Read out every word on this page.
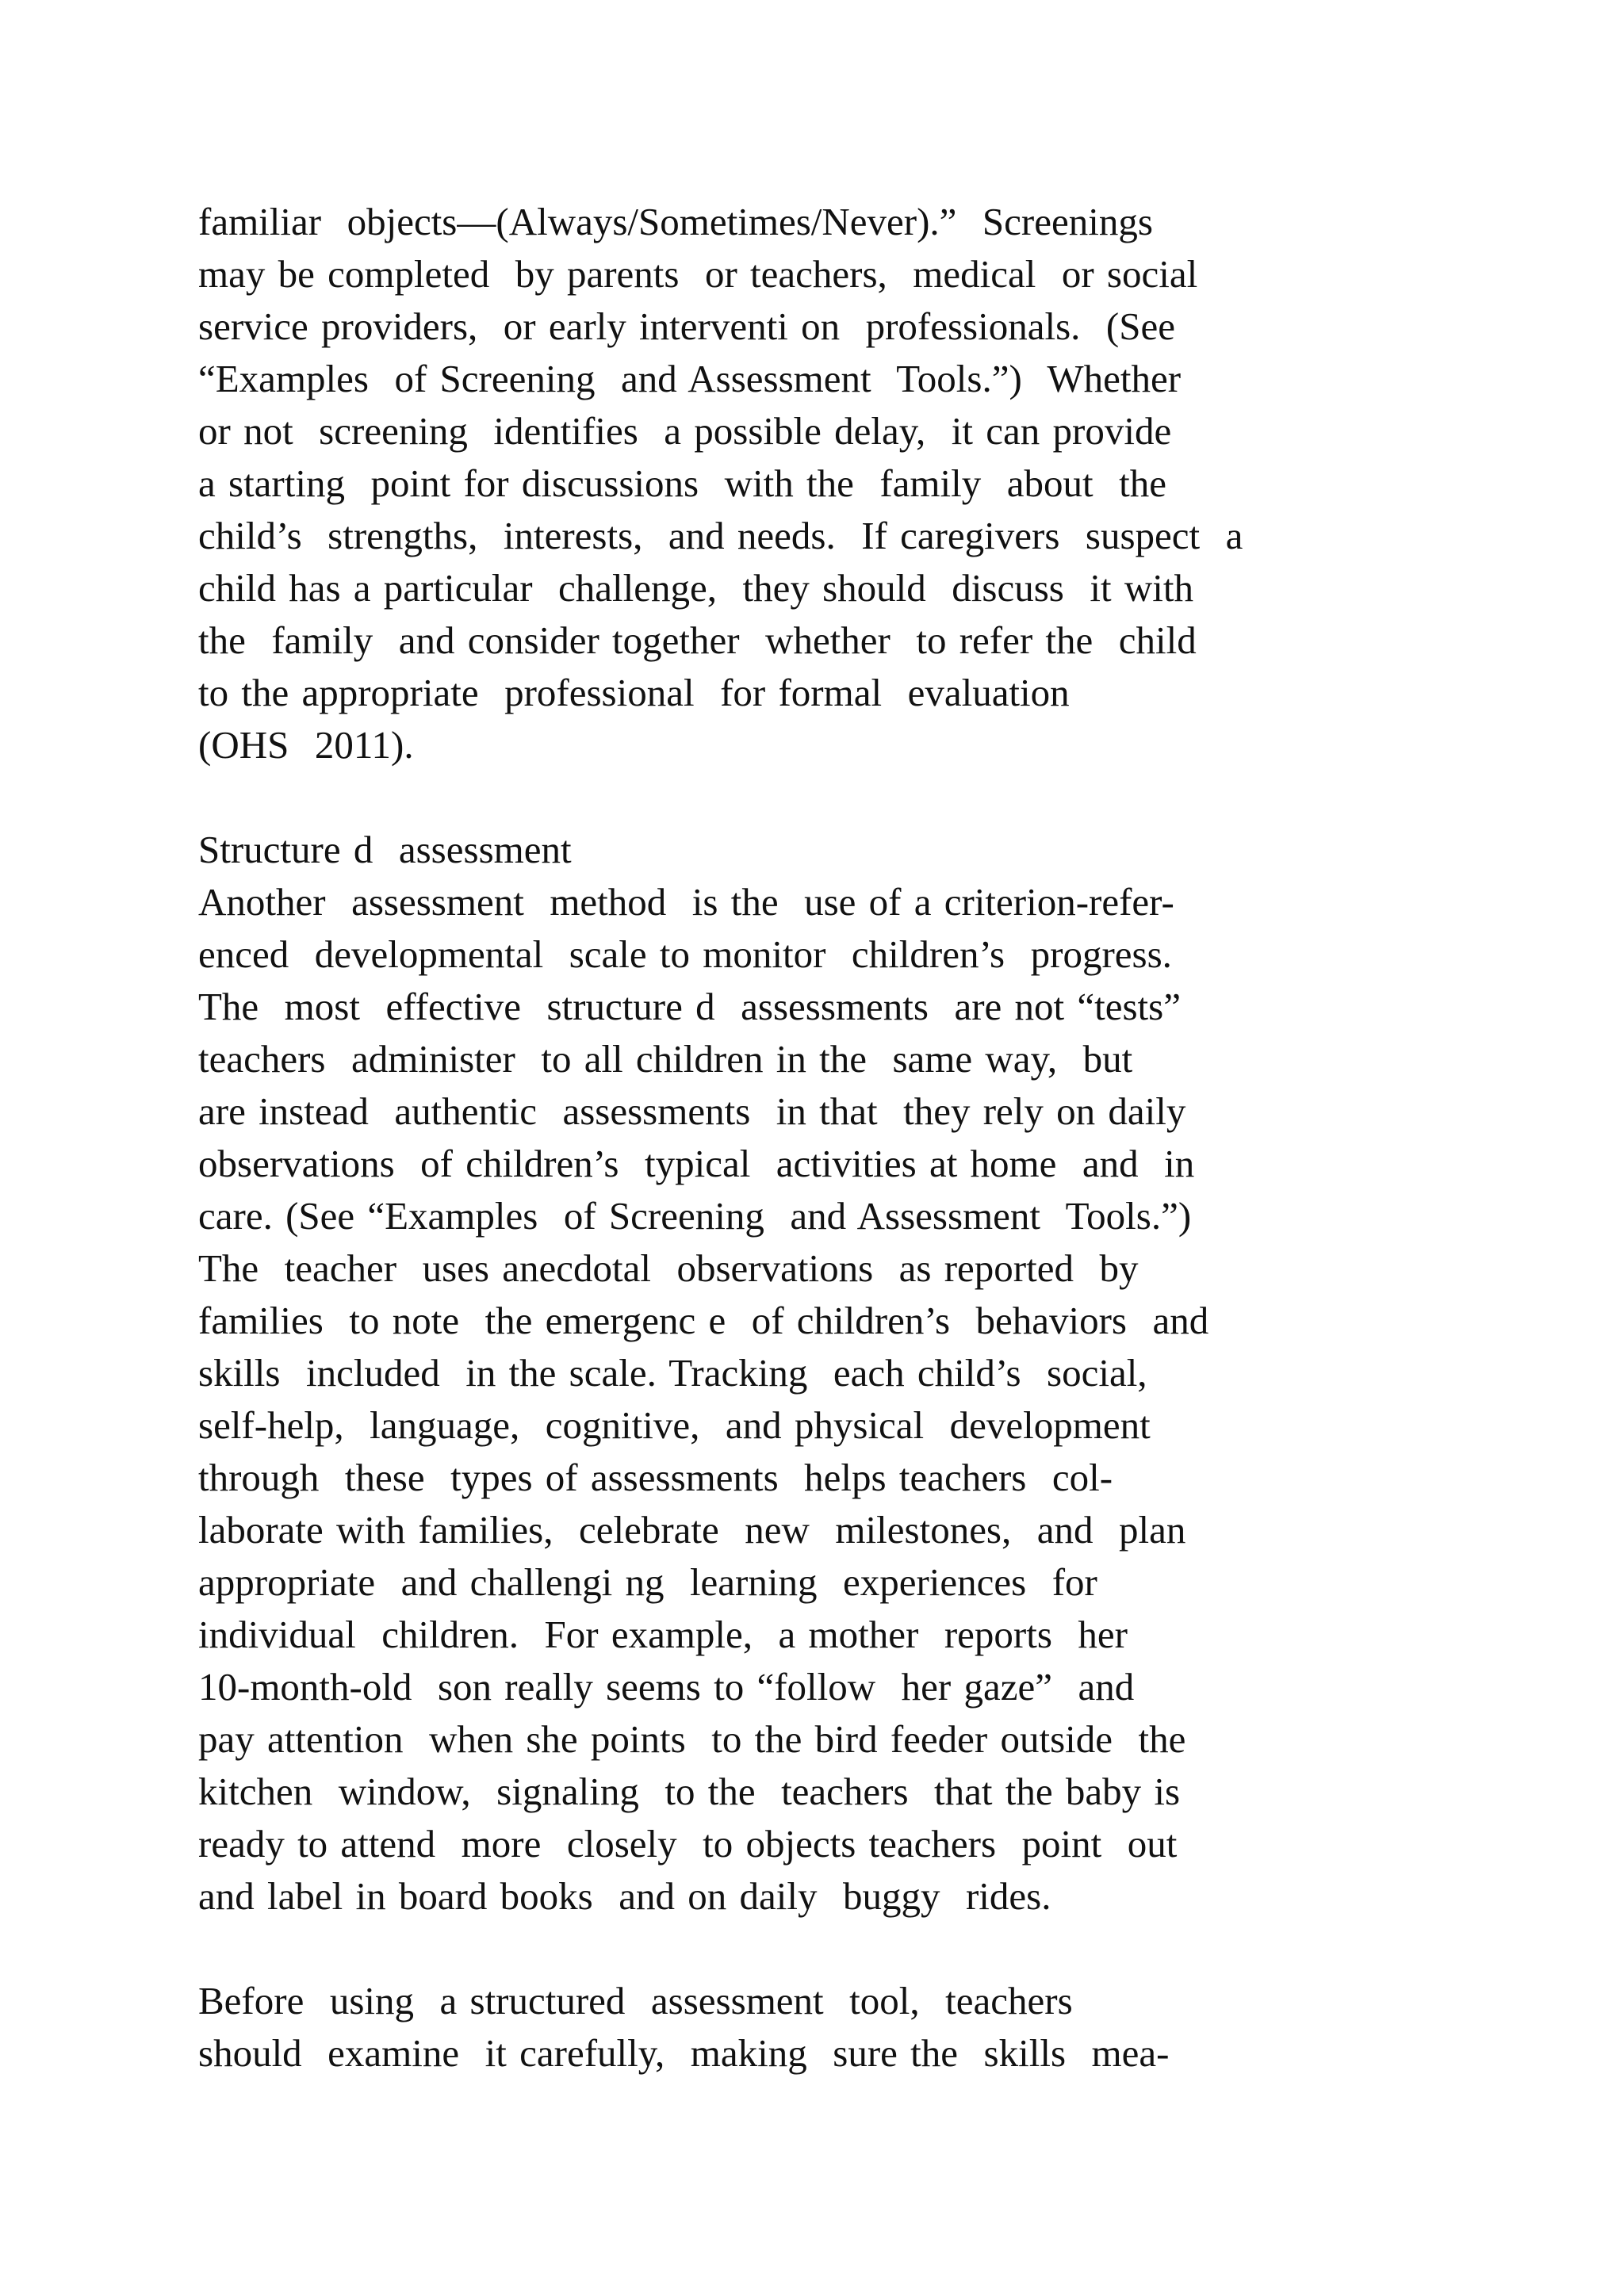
familiar  objects—(Always/Sometimes/Never).”  Screenings

may be completed  by parents  or teachers,  medical  or social

service providers,  or early interventi on  professionals.  (See

“Examples  of Screening  and Assessment  Tools.”)  Whether

or not  screening  identifies  a possible delay,  it can provide

a starting  point for discussions  with the  family  about  the

child’s  strengths,  interests,  and needs.  If caregivers  suspect  a

child has a particular  challenge,  they should  discuss  it with

the  family  and consider together  whether  to refer the  child

to the appropriate  professional  for formal  evaluation

(OHS  2011).

Structure d  assessment

Another  assessment  method  is the  use of a criterion-refer-

enced  developmental  scale to monitor  children’s  progress.

The  most  effective  structure d  assessments  are not “tests”

teachers  administer  to all children in the  same way,  but

are instead  authentic  assessments  in that  they rely on daily

observations  of children’s  typical  activities at home  and  in

care. (See “Examples  of Screening  and Assessment  Tools.”)

The  teacher  uses anecdotal  observations  as reported  by

families  to note  the emergenc e  of children’s  behaviors  and

skills  included  in the scale. Tracking  each child’s  social,

self-help,  language,  cognitive,  and physical  development

through  these  types of assessments  helps teachers  col-

laborate with families,  celebrate  new  milestones,  and  plan

appropriate  and challengi ng  learning  experiences  for

individual  children.  For example,  a mother  reports  her

10-month-old  son really seems to “follow  her gaze”  and

pay attention  when she points  to the bird feeder outside  the

kitchen  window,  signaling  to the  teachers  that the baby is

ready to attend  more  closely  to objects teachers  point  out

and label in board books  and on daily  buggy  rides.

Before  using  a structured  assessment  tool,  teachers

should  examine  it carefully,  making  sure the  skills  mea-
